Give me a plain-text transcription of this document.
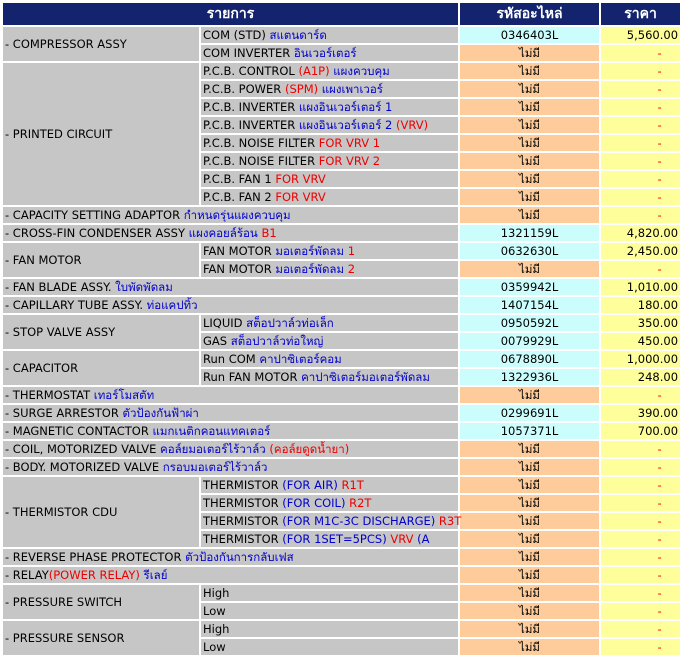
รายการ		รหัสอะไหล่	ราคา
- COMPRESSOR ASSY	COM (STD) สแตนดาร์ด	0346403L	5,560.00
	COM INVERTER อินเวอร์เตอร์	ไม่มี	-
- PRINTED CIRCUIT	P.C.B. CONTROL (A1P) แผงควบคุม	ไม่มี	-
	P.C.B. POWER (SPM) แผงเพาเวอร์	ไม่มี	-
	P.C.B. INVERTER แผงอินเวอร์เตอร์ 1	ไม่มี	-
	P.C.B. INVERTER แผงอินเวอร์เตอร์ 2 (VRV)	ไม่มี	-
	P.C.B. NOISE FILTER FOR VRV 1	ไม่มี	-
	P.C.B. NOISE FILTER FOR VRV 2	ไม่มี	-
	P.C.B. FAN 1 FOR VRV	ไม่มี	-
	P.C.B. FAN 2 FOR VRV	ไม่มี	-
- CAPACITY SETTING ADAPTOR กำหนดรุ่นแผงควบคุม		ไม่มี	-
- CROSS-FIN CONDENSER ASSY แผงคอยล์ร้อน B1		1321159L	4,820.00
- FAN MOTOR	FAN MOTOR มอเตอร์พัดลม 1	0632630L	2,450.00
	FAN MOTOR มอเตอร์พัดลม 2	ไม่มี	-
- FAN BLADE ASSY. ใบพัดพัดลม		0359942L	1,010.00
- CAPILLARY TUBE ASSY. ท่อแคปทิ้ว		1407154L	180.00
- STOP VALVE ASSY	LIQUID สต็อปวาล์วท่อเล็ก	0950592L	350.00
	GAS สต็อปวาล์วท่อใหญ่	0079929L	450.00
- CAPACITOR	Run COM คาปาซิเตอร์คอม	0678890L	1,000.00
	Run FAN MOTOR คาปาซิเตอร์มอเตอร์พัดลม	1322936L	248.00
- THERMOSTAT เทอร์โมสตัท		ไม่มี	-
- SURGE ARRESTOR ตัวป้องกันฟ้าผ่า		0299691L	390.00
- MAGNETIC CONTACTOR แมกเนติกคอนแทคเตอร์		1057371L	700.00
- COIL, MOTORIZED VALVE คอล์ยมอเตอร์ไร้วาล์ว (คอล์ยดูดน้ำยา)		ไม่มี	-
- BODY. MOTORIZED VALVE กรอบมอเตอร์ไร้วาล์ว		ไม่มี	-
- THERMISTOR CDU	THERMISTOR (FOR AIR) R1T	ไม่มี	-
	THERMISTOR (FOR COIL) R2T	ไม่มี	-
	THERMISTOR (FOR M1C-3C DISCHARGE) R3T	ไม่มี	-
	THERMISTOR (FOR 1SET=5PCS) VRV (A	ไม่มี	-
- REVERSE PHASE PROTECTOR ตัวป้องกันการกลับเฟส		ไม่มี	-
- RELAY(POWER RELAY) รีเลย์		ไม่มี	-
- PRESSURE SWITCH	High	ไม่มี	-
	Low	ไม่มี	-
- PRESSURE SENSOR	High	ไม่มี	-
	Low	ไม่มี	-
